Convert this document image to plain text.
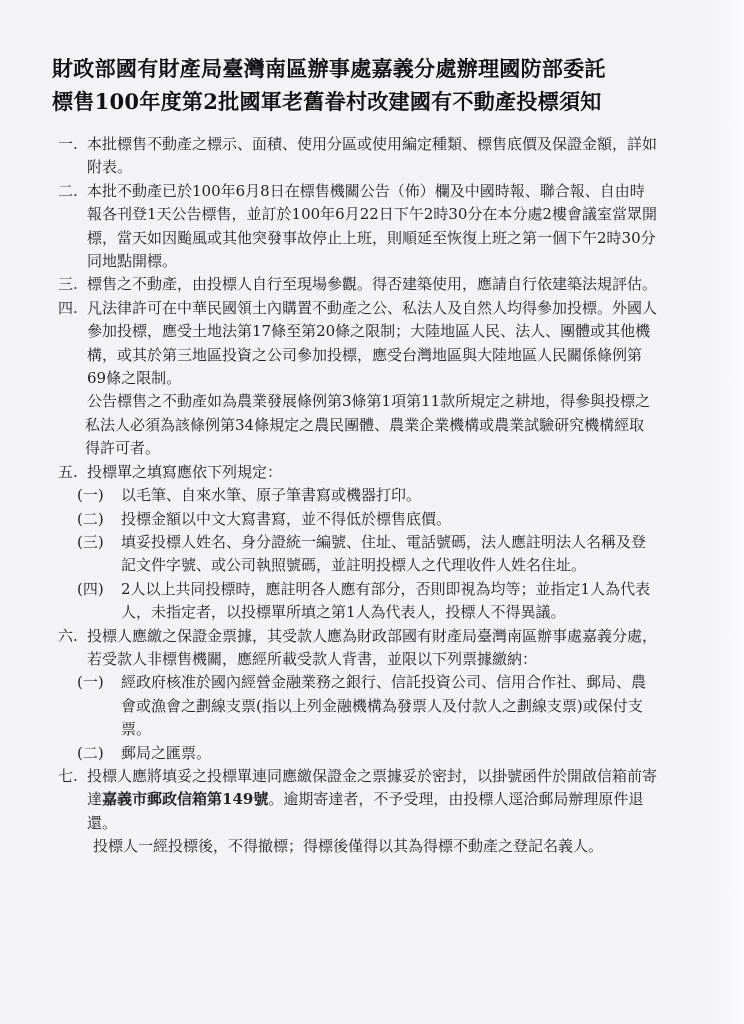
財政部國有財產局臺灣南區辦事處嘉義分處辦理國防部委託
標售100年度第2批國軍老舊眷村改建國有不動產投標須知
一. 本批標售不動產之標示、面積、使用分區或使用編定種類、標售底價及保證金額，詳如附表。
二. 本批不動產已於100年6月8日在標售機關公告（佈）欄及中國時報、聯合報、自由時報各刊登1天公告標售，並訂於100年6月22日下午2時30分在本分處2樓會議室當眾開標，當天如因颱風或其他突發事故停止上班，則順延至恢復上班之第一個下午2時30分同地點開標。
三. 標售之不動產，由投標人自行至現場參觀。得否建築使用，應請自行依建築法規評估。
四. 凡法律許可在中華民國領土內購置不動產之公、私法人及自然人均得參加投標。外國人參加投標，應受土地法第17條至第20條之限制；大陸地區人民、法人、團體或其他機構，或其於第三地區投資之公司參加投標，應受台灣地區與大陸地區人民關係條例第69條之限制。
公告標售之不動產如為農業發展條例第3條第1項第11款所規定之耕地，得參與投標之私法人必須為該條例第34條規定之農民團體、農業企業機構或農業試驗研究機構經取得許可者。
五. 投標單之填寫應依下列規定：
(一) 以毛筆、自來水筆、原子筆書寫或機器打印。
(二) 投標金額以中文大寫書寫，並不得低於標售底價。
(三) 填妥投標人姓名、身分證統一編號、住址、電話號碼，法人應註明法人名稱及登記文件字號、或公司執照號碼，並註明投標人之代理收件人姓名住址。
(四) 2人以上共同投標時，應註明各人應有部分，否則即視為均等；並指定1人為代表人，未指定者，以投標單所填之第1人為代表人，投標人不得異議。
六. 投標人應繳之保證金票據，其受款人應為財政部國有財產局臺灣南區辦事處嘉義分處，若受款人非標售機關，應經所載受款人背書，並限以下列票據繳納：
(一) 經政府核准於國內經營金融業務之銀行、信託投資公司、信用合作社、郵局、農會或漁會之劃線支票(指以上列金融機構為發票人及付款人之劃線支票)或保付支票。
(二) 郵局之匯票。
七. 投標人應將填妥之投標單連同應繳保證金之票據妥於密封，以掛號函件於開啟信箱前寄達嘉義市郵政信箱第149號。逾期寄達者，不予受理，由投標人逕洽郵局辦理原件退還。
投標人一經投標後，不得撤標；得標後僅得以其為得標不動產之登記名義人。
